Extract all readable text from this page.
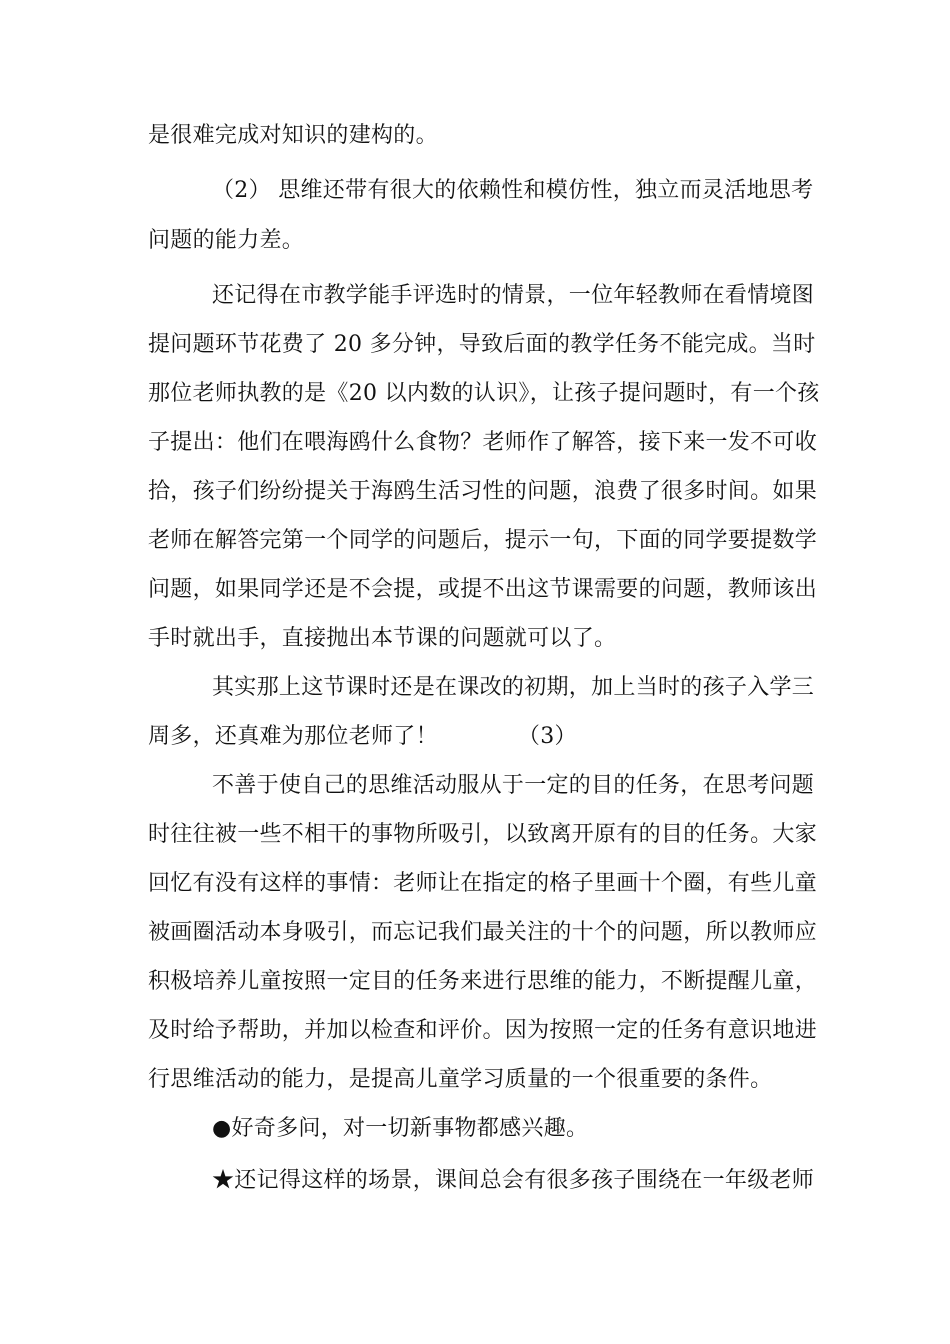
是很难完成对知识的建构的。
（2） 思维还带有很大的依赖性和模仿性，独立而灵活地思考
问题的能力差。
还记得在市教学能手评选时的情景，一位年轻教师在看情境图
提问题环节花费了 20 多分钟，导致后面的教学任务不能完成。当时
那位老师执教的是《20 以内数的认识》，让孩子提问题时，有一个孩
子提出：他们在喂海鸥什么食物？老师作了解答，接下来一发不可收
拾，孩子们纷纷提关于海鸥生活习性的问题，浪费了很多时间。如果
老师在解答完第一个同学的问题后，提示一句，下面的同学要提数学
问题，如果同学还是不会提，或提不出这节课需要的问题，教师该出
手时就出手，直接抛出本节课的问题就可以了。
其实那上这节课时还是在课改的初期，加上当时的孩子入学三
周多，还真难为那位老师了！	（3）
不善于使自己的思维活动服从于一定的目的任务，在思考问题
时往往被一些不相干的事物所吸引，以致离开原有的目的任务。大家
回忆有没有这样的事情：老师让在指定的格子里画十个圈，有些儿童
被画圈活动本身吸引，而忘记我们最关注的十个的问题，所以教师应
积极培养儿童按照一定目的任务来进行思维的能力，不断提醒儿童，
及时给予帮助，并加以检查和评价。因为按照一定的任务有意识地进
行思维活动的能力，是提高儿童学习质量的一个很重要的条件。
●好奇多问，对一切新事物都感兴趣。
★还记得这样的场景，课间总会有很多孩子围绕在一年级老师
